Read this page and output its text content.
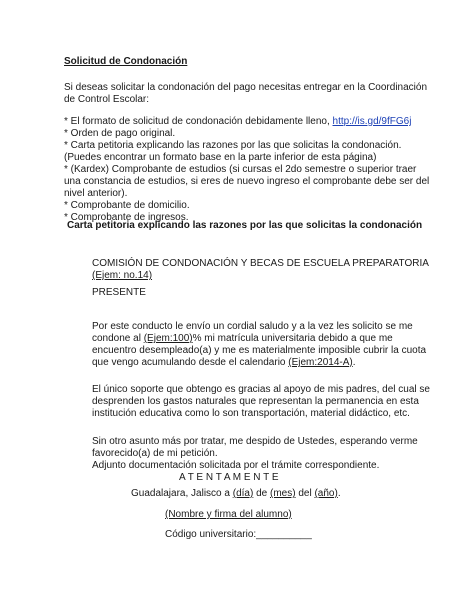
Solicitud de Condonación
Si deseas solicitar la condonación del pago necesitas entregar en la Coordinación
de Control Escolar:
* El formato de solicitud de condonación debidamente lleno, http://is.gd/9fFG6j
* Orden de pago original.
* Carta petitoria explicando las razones por las que solicitas la condonación.
(Puedes encontrar un formato base en la parte inferior de esta página)
* (Kardex) Comprobante de estudios (si cursas el 2do semestre o superior traer
una constancia de estudios, si eres de nuevo ingreso el comprobante debe ser del
nivel anterior).
* Comprobante de domicilio.
* Comprobante de ingresos.
Carta petitoria explicando las razones por las que solicitas la condonación
COMISIÓN DE CONDONACIÓN Y BECAS DE ESCUELA PREPARATORIA
(Ejem: no.14)
PRESENTE
Por este conducto le envío un cordial saludo y a la vez les solicito se me
condone al (Ejem:100)% mi matrícula universitaria debido a que me
encuentro desempleado(a) y me es materialmente imposible cubrir la cuota
que vengo acumulando desde el calendario (Ejem:2014-A).
El único soporte que obtengo es gracias al apoyo de mis padres, del cual se
desprenden los gastos naturales que representan la permanencia en esta
institución educativa como lo son transportación, material didáctico, etc.
Sin otro asunto más por tratar, me despido de Ustedes, esperando verme
favorecido(a) de mi petición.
Adjunto documentación solicitada por el trámite correspondiente.
A T E N T A M E N T E
Guadalajara, Jalisco a (día) de (mes) del (año).
(Nombre y firma del alumno)
Código universitario:__________
